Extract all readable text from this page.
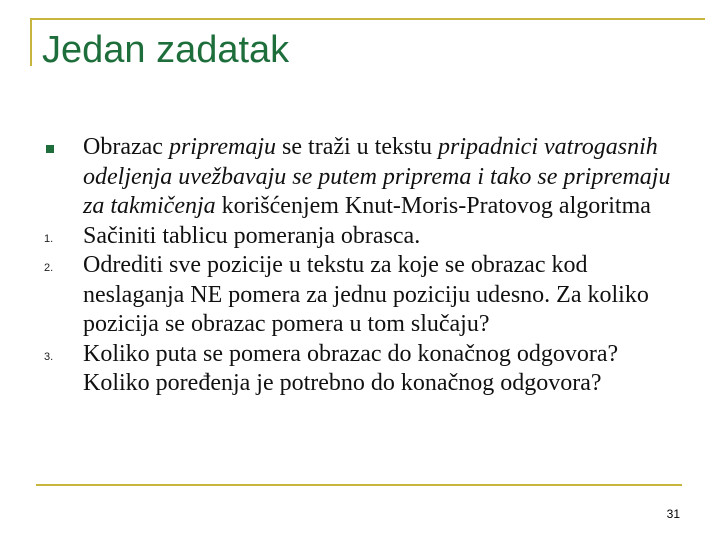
Jedan zadatak
Obrazac pripremaju se traži u tekstu pripadnici vatrogasnih odeljenja uvežbavaju se putem priprema i tako se pripremaju za takmičenja korišćenjem Knut-Moris-Pratovog algoritma
1. Sačiniti tablicu pomeranja obrasca.
2. Odrediti sve pozicije u tekstu za koje se obrazac kod neslaganja NE pomera za jednu poziciju udesno. Za koliko pozicija se obrazac pomera u tom slučaju?
3. Koliko puta se pomera obrazac do konačnog odgovora? Koliko poređenja je potrebno do konačnog odgovora?
31
